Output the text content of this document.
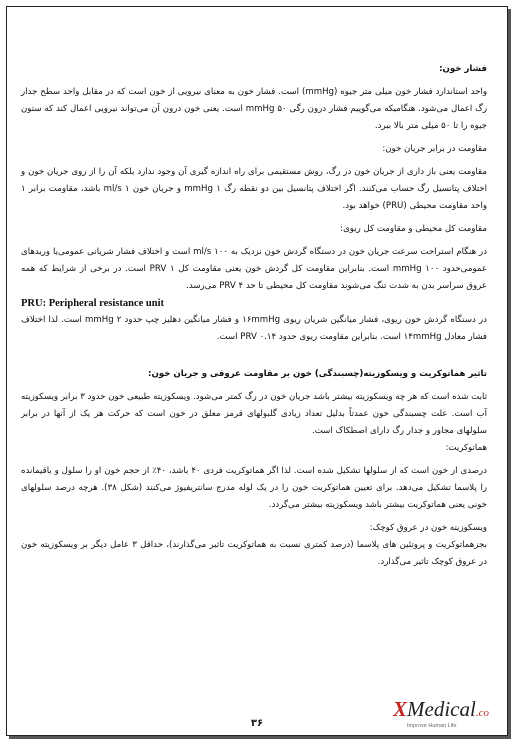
فشار خون:

واحد استاندارد فشار خون میلی متر جیوه (mmHg) است. فشار خون به معنای نیرویی از خون است که در مقابل واحد سطح جدار رگ اعمال می‌شود. هنگامیکه می‌گوییم فشار درون رگی ۵۰ mmHg است. یعنی خون درون آن می‌تواند نیرویی اعمال کند که ستون جیوه را تا ۵۰ میلی متر بالا ببرد.

مقاومت در برابر جریان خون:

مقاومت یعنی باز داری از جریان خون در رگ، روش مستقیمی برای راه اندازه گیری آن وجود ندارد بلکه آن را از روی جریان خون و اختلاف پتانسیل رگ حساب می‌کنند. اگر اختلاف پتانسیل بین دو نقطه رگ ۱ mmHg و جریان خون ۱ ml/s باشد، مقاومت برابر ۱ واحد مقاومت محیطی (PRU) خواهد بود.

مقاومت کل محیطی و مقاومت کل ریوی:

در هنگام استراحت سرعت جریان خون در دستگاه گردش خون نزدیک به ۱۰۰ ml/s است و اختلاف فشار شریانی عمومی‌یا وریدهای عمومی‌حدود ۱۰۰ mmHg است. بنابراین مقاومت کل گردش خون یعنی مقاومت کل ۱ PRV است. در برخی از شرایط که همه عروق سراسر بدن به شدت تنگ می‌شوند مقاومت کل محیطی تا حد ۴ PRV می‌رسد.

PRU: Peripheral resistance unit

در دستگاه گردش خون ریوی، فشار میانگین شریان ریوی ۱۶mmHg و فشار میانگین دهلیز چپ حدود ۲ mmHg است. لذا اختلاف فشار معادل ۱۴mmHg است. بنابراین مقاومت ریوی حدود ۰.۱۴ PRV است.

تاثیر هماتوکریت و ویسکوزیته(چسبندگی) خون بر مقاومت عروقی و جریان خون:

ثابت شده است که هر چه ویسکوزیته بیشتر باشد جریان خون در رگ کمتر می‌شود. ویسکوزیته طبیعی خون حدود ۳ برابر ویسکوزیته آب است. علت چسبندگی خون عمدتاً بدلیل تعداد زیادی گلبولهای قرمز معلق در خون است که حرکت هر یک از آنها در برابر سلولهای مجاور و جدار رگ دارای اصطکاک است.

هماتوکریت:

درصدی از خون است که از سلولها تشکیل شده است. لذا اگر هماتوکریت فردی ۴۰ باشد، ۴۰٪ از حجم خون او را سلول و باقیمانده را پلاسما تشکیل می‌دهد. برای تعیین هماتوکریت خون را در یک لوله مدرج سانتریفیوژ می‌کنند (شکل ۳۸). هرچه درصد سلولهای خونی یعنی هماتوکریت بیشتر باشد ویسکوزیته بیشتر می‌گردد.

ویسکوزیته خون در عروق کوچک:

بجزهماتوکریت و پروتئین های پلاسما (درصد کمتری نسبت به هماتوکریت تاثیر می‌گذارند)، حداقل ۳ عامل دیگر بر ویسکوزیته خون در عروق کوچک تاثیر می‌گذارد.

۳۶
XMedical.co
Improve Human Life
